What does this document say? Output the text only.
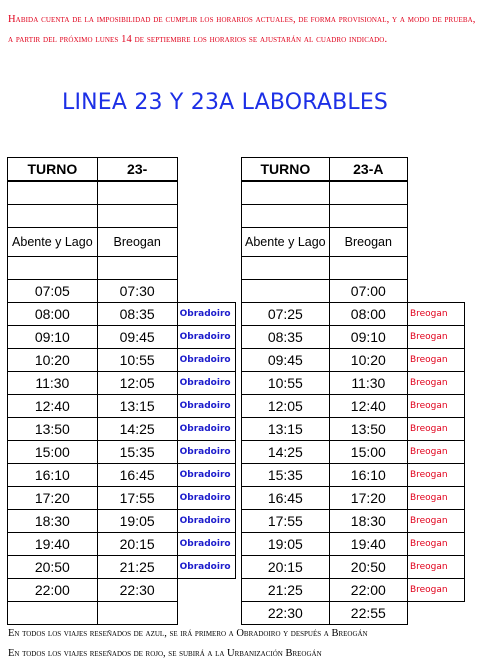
Habida cuenta de la imposibilidad de cumplir los horarios actuales, de forma provisional, y a modo de prueba, a partir del próximo lunes 14 de septiembre los horarios se ajustarán al cuadro indicado.
LINEA 23 Y 23A LABORABLES
TURNO	23-	

Abente y Lago	Breogan	

07:05	07:30	
08:00	08:35	Obradoiro
09:10	09:45	Obradoiro
10:20	10:55	Obradoiro
11:30	12:05	Obradoiro
12:40	13:15	Obradoiro
13:50	14:25	Obradoiro
15:00	15:35	Obradoiro
16:10	16:45	Obradoiro
17:20	17:55	Obradoiro
18:30	19:05	Obradoiro
19:40	20:15	Obradoiro
20:50	21:25	Obradoiro
22:00	22:30	

TURNO	23-A	

Abente y Lago	Breogan	

	07:00	
07:25	08:00	Breogan
08:35	09:10	Breogan
09:45	10:20	Breogan
10:55	11:30	Breogan
12:05	12:40	Breogan
13:15	13:50	Breogan
14:25	15:00	Breogan
15:35	16:10	Breogan
16:45	17:20	Breogan
17:55	18:30	Breogan
19:05	19:40	Breogan
20:15	20:50	Breogan
21:25	22:00	Breogan
22:30	22:55	
En todos los viajes reseñados de azul, se irá primero a Obradoiro y después a Breogán
En todos los viajes reseñados de rojo, se subirá a la Urbanización Breogán
